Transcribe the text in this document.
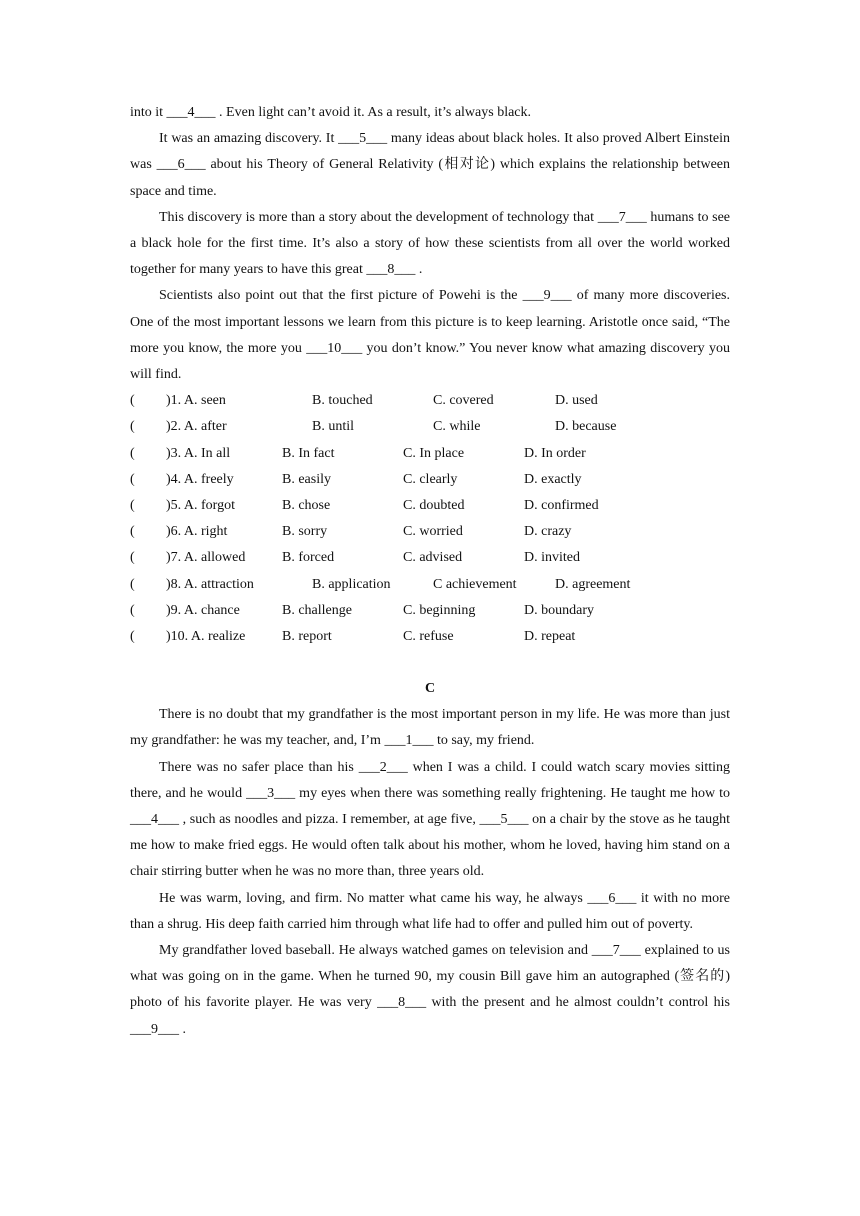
into it ___4___ . Even light can’t avoid it. As a result, it’s always black.

It was an amazing discovery. It ___5___ many ideas about black holes. It also proved Albert Einstein was ___6___ about his Theory of General Relativity (相对论) which explains the relationship between space and time.

This discovery is more than a story about the development of technology that ___7___ humans to see a black hole for the first time. It’s also a story of how these scientists from all over the world worked together for many years to have this great ___8___ .

Scientists also point out that the first picture of Powehi is the ___9___ of many more discoveries. One of the most important lessons we learn from this picture is to keep learning. Aristotle once said, “The more you know, the more you ___10___ you don’t know.” You never know what amazing discovery you will find.

( )1. A. seen	B. touched	C. covered	D. used
( )2. A. after	B. until	C. while	D. because
( )3. A. In all	B. In fact	C. In place	D. In order
( )4. A. freely	B. easily	C. clearly	D. exactly
( )5. A. forgot	B. chose	C. doubted	D. confirmed
( )6. A. right	B. sorry	C. worried	D. crazy
( )7. A. allowed	B. forced	C. advised	D. invited
( )8. A. attraction	B. application	C achievement	D. agreement
( )9. A. chance	B. challenge	C. beginning	D. boundary
( )10. A. realize	B. report	C. refuse	D. repeat
C

There is no doubt that my grandfather is the most important person in my life. He was more than just my grandfather: he was my teacher, and, I’m ___1___ to say, my friend.

There was no safer place than his ___2___ when I was a child. I could watch scary movies sitting there, and he would ___3___ my eyes when there was something really frightening. He taught me how to ___4___ , such as noodles and pizza. I remember, at age five, ___5___ on a chair by the stove as he taught me how to make fried eggs. He would often talk about his mother, whom he loved, having him stand on a chair stirring butter when he was no more than, three years old.

He was warm, loving, and firm. No matter what came his way, he always ___6___ it with no more than a shrug. His deep faith carried him through what life had to offer and pulled him out of poverty.

My grandfather loved baseball. He always watched games on television and ___7___ explained to us what was going on in the game. When he turned 90, my cousin Bill gave him an autographed (签名的) photo of his favorite player. He was very ___8___ with the present and he almost couldn’t control his ___9___ .
